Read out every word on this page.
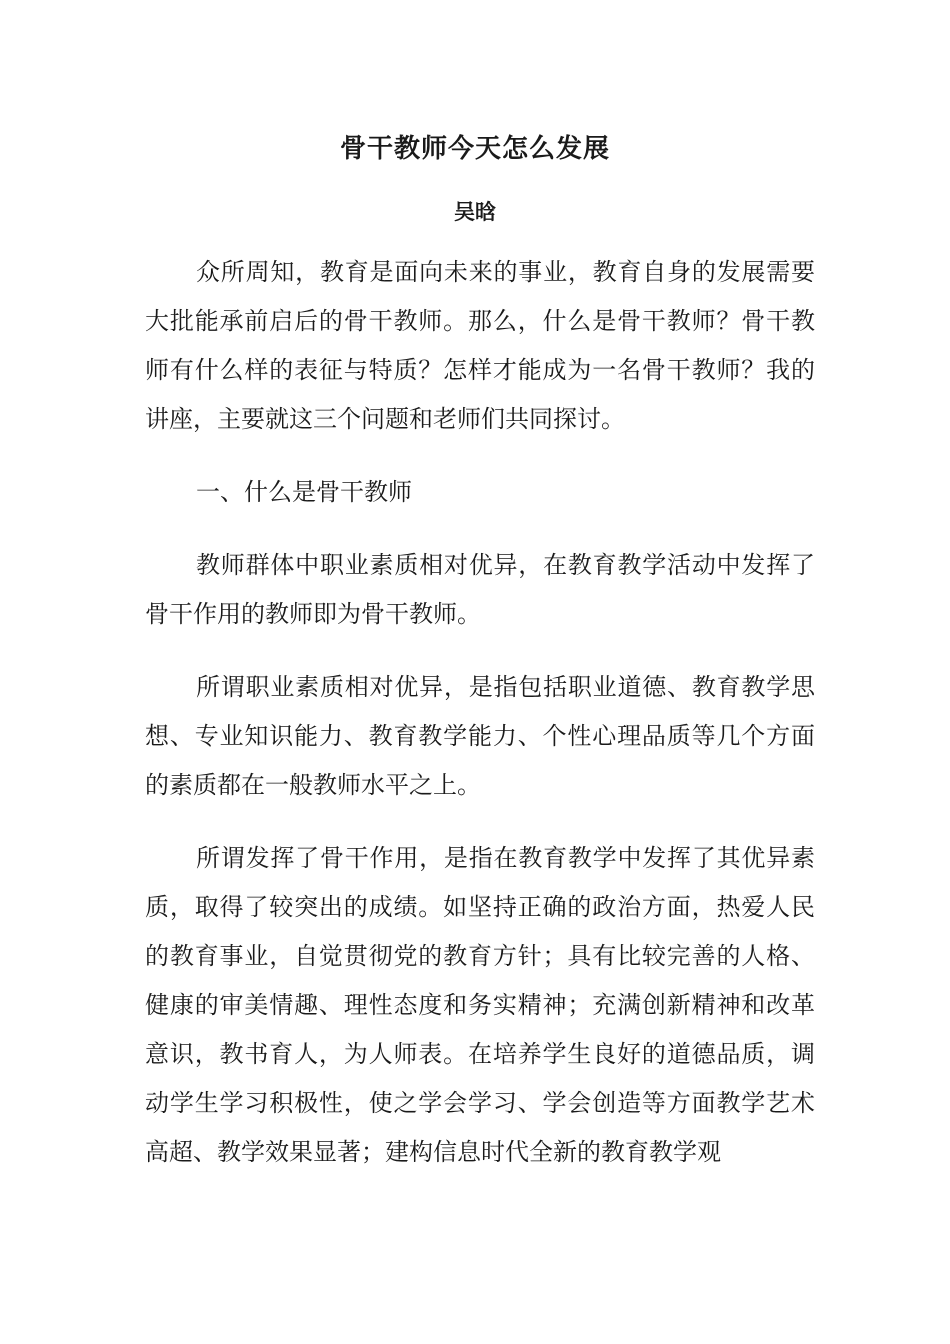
骨干教师今天怎么发展
吴晗

众所周知，教育是面向未来的事业，教育自身的发展需要大批能承前启后的骨干教师。那么，什么是骨干教师？骨干教师有什么样的表征与特质？怎样才能成为一名骨干教师？我的讲座，主要就这三个问题和老师们共同探讨。

一、什么是骨干教师

教师群体中职业素质相对优异，在教育教学活动中发挥了骨干作用的教师即为骨干教师。

所谓职业素质相对优异，是指包括职业道德、教育教学思想、专业知识能力、教育教学能力、个性心理品质等几个方面的素质都在一般教师水平之上。

所谓发挥了骨干作用，是指在教育教学中发挥了其优异素质，取得了较突出的成绩。如坚持正确的政治方面，热爱人民的教育事业，自觉贯彻党的教育方针；具有比较完善的人格、健康的审美情趣、理性态度和务实精神；充满创新精神和改革意识，教书育人，为人师表。在培养学生良好的道德品质，调动学生学习积极性，使之学会学习、学会创造等方面教学艺术高超、教学效果显著；建构信息时代全新的教育教学观
